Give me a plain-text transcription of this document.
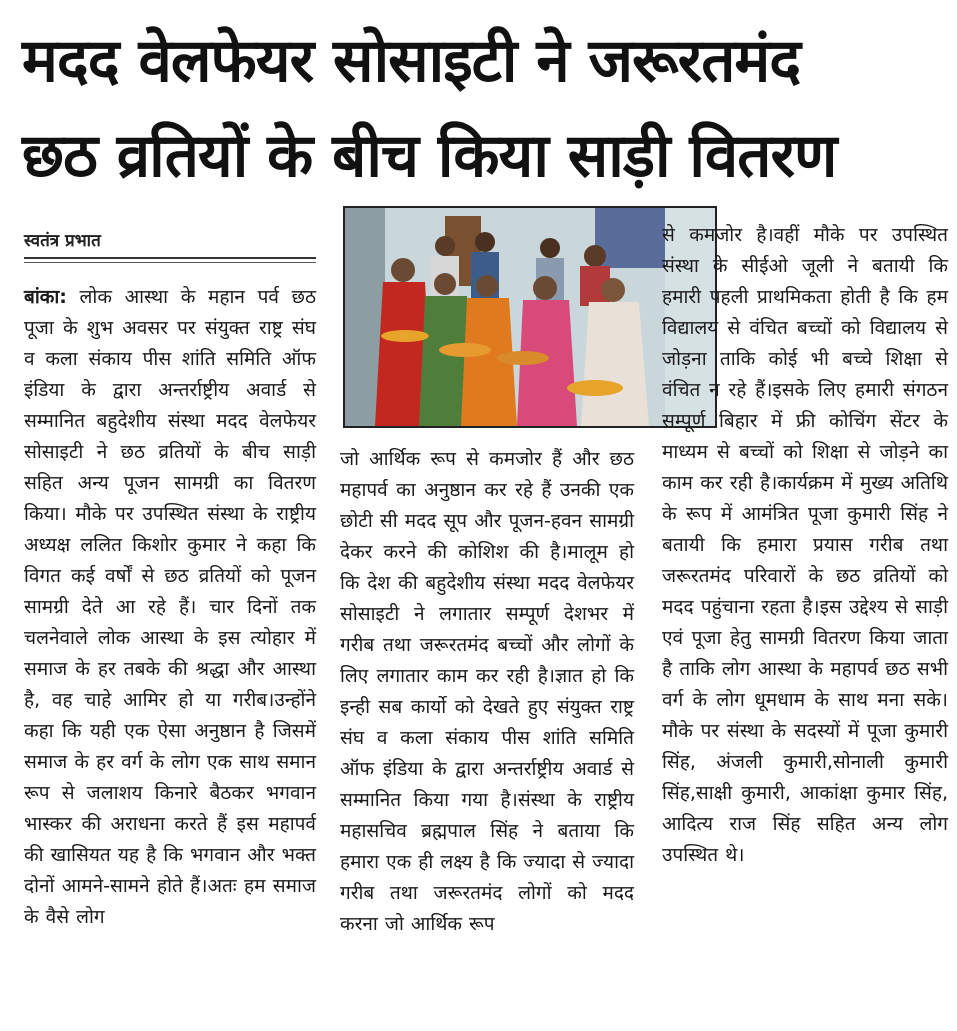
मदद वेलफेयर सोसाइटी ने जरूरतमंद
छठ व्रतियों के बीच किया साड़ी वितरण
स्वतंत्र प्रभात

बांका: लोक आस्था के महान पर्व छठ पूजा के शुभ अवसर पर संयुक्त राष्ट्र संघ व कला संकाय पीस शांति समिति ऑफ इंडिया के द्वारा अन्तर्राष्ट्रीय अवार्ड से सम्मानित बहुदेशीय संस्था मदद वेलफेयर सोसाइटी ने छठ व्रतियों के बीच साड़ी सहित अन्य पूजन सामग्री का वितरण किया। मौके पर उपस्थित संस्था के राष्ट्रीय अध्यक्ष ललित किशोर कुमार ने कहा कि विगत कई वर्षों से छठ व्रतियों को पूजन सामग्री देते आ रहे हैं। चार दिनों तक चलनेवाले लोक आस्था के इस त्योहार में समाज के हर तबके की श्रद्धा और आस्था है, वह चाहे आमिर हो या गरीब।उन्होंने कहा कि यही एक ऐसा अनुष्ठान है जिसमें समाज के हर वर्ग के लोग एक साथ समान रूप से जलाशय किनारे बैठकर भगवान भास्कर की अराधना करते हैं इस महापर्व की खासियत यह है कि भगवान और भक्त दोनों आमने-सामने होते हैं।अतः हम समाज के वैसे लोग

जो आर्थिक रूप से कमजोर हैं और छठ महापर्व का अनुष्ठान कर रहे हैं उनकी एक छोटी सी मदद सूप और पूजन-हवन सामग्री देकर करने की कोशिश की है।मालूम हो कि देश की बहुदेशीय संस्था मदद वेलफेयर सोसाइटी ने लगातार सम्पूर्ण देशभर में गरीब तथा जरूरतमंद बच्चों और लोगों के लिए लगातार काम कर रही है।ज्ञात हो कि इन्ही सब कार्यो को देखते हुए संयुक्त राष्ट्र संघ व कला संकाय पीस शांति समिति ऑफ इंडिया के द्वारा अन्तर्राष्ट्रीय अवार्ड से सम्मानित किया गया है।संस्था के राष्ट्रीय महासचिव ब्रह्मपाल सिंह ने बताया कि हमारा एक ही लक्ष्य है कि ज्यादा से ज्यादा गरीब तथा जरूरतमंद लोगों को मदद करना जो आर्थिक रूप

से कमजोर है।वहीं मौके पर उपस्थित संस्था के सीईओ जूली ने बतायी कि हमारी पहली प्राथमिकता होती है कि हम विद्यालय से वंचित बच्चों को विद्यालय से जोड़ना ताकि कोई भी बच्चे शिक्षा से वंचित न रहे हैं।इसके लिए हमारी संगठन सम्पूर्ण बिहार में फ्री कोचिंग सेंटर के माध्यम से बच्चों को शिक्षा से जोड़ने का काम कर रही है।कार्यक्रम में मुख्य अतिथि के रूप में आमंत्रित पूजा कुमारी सिंह ने बतायी कि हमारा प्रयास गरीब तथा जरूरतमंद परिवारों के छठ व्रतियों को मदद पहुंचाना रहता है।इस उद्देश्य से साड़ी एवं पूजा हेतु सामग्री वितरण किया जाता है ताकि लोग आस्था के महापर्व छठ सभी वर्ग के लोग धूमधाम के साथ मना सके।मौके पर संस्था के सदस्यों में पूजा कुमारी सिंह, अंजली कुमारी,सोनाली कुमारी सिंह,साक्षी कुमारी, आकांक्षा कुमार सिंह, आदित्य राज सिंह सहित अन्य लोग उपस्थित थे।
